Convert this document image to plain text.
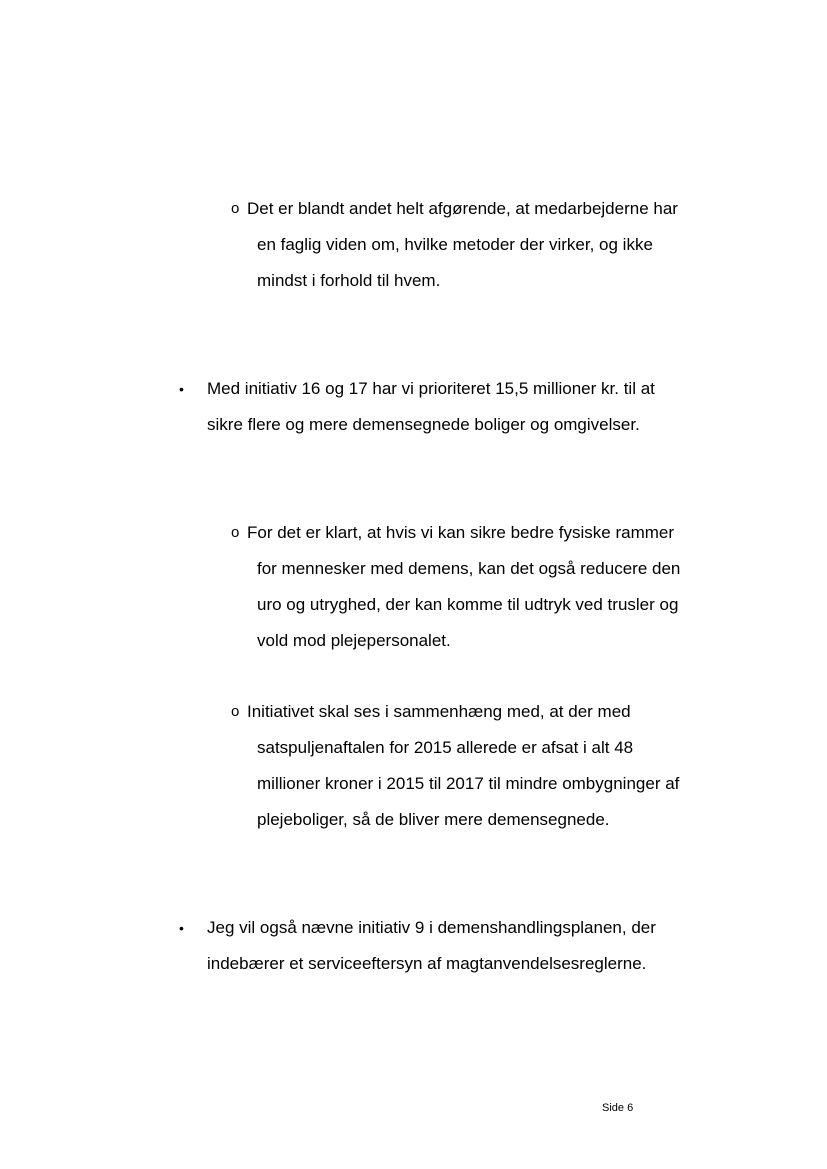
o Det er blandt andet helt afgørende, at medarbejderne har en faglig viden om, hvilke metoder der virker, og ikke mindst i forhold til hvem.
• Med initiativ 16 og 17 har vi prioriteret 15,5 millioner kr. til at sikre flere og mere demensegnede boliger og omgivelser.
o For det er klart, at hvis vi kan sikre bedre fysiske rammer for mennesker med demens, kan det også reducere den uro og utryghed, der kan komme til udtryk ved trusler og vold mod plejepersonalet.
o Initiativet skal ses i sammenhæng med, at der med satspuljenaftalen for 2015 allerede er afsat i alt 48 millioner kroner i 2015 til 2017 til mindre ombygninger af plejeboliger, så de bliver mere demensegnede.
• Jeg vil også nævne initiativ 9 i demenshandlingsplanen, der indebærer et serviceeftersyn af magtanvendelsesreglerne.
Side 6
